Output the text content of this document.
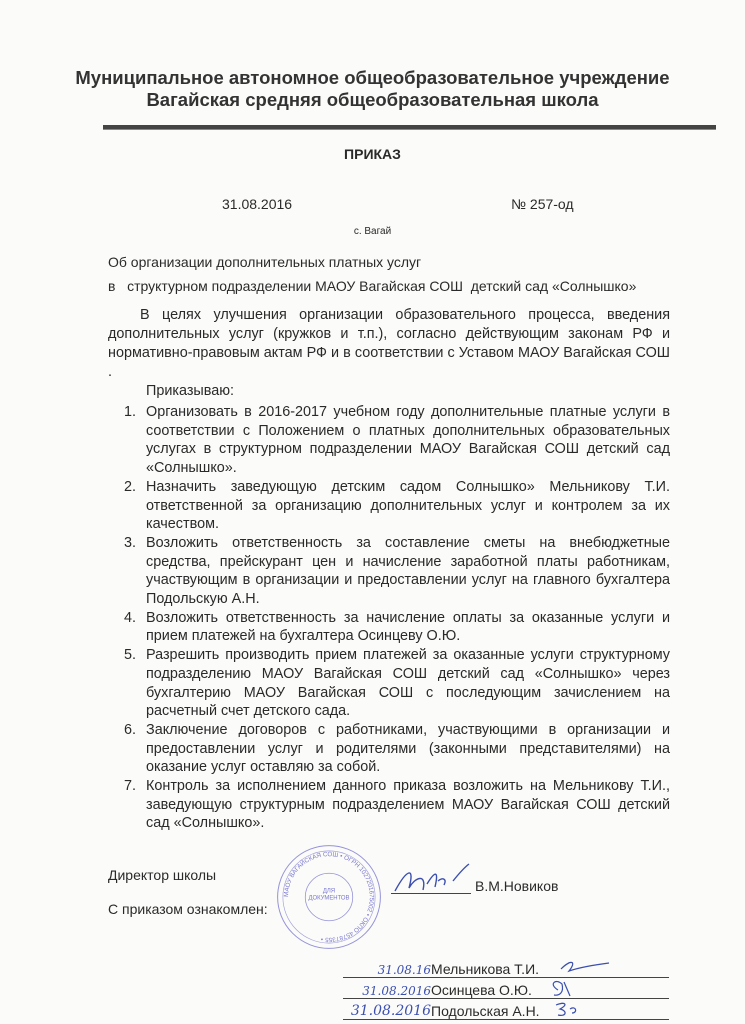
Муниципальное автономное общеобразовательное учреждение
Вагайская средняя общеобразовательная школа
ПРИКАЗ
31.08.2016	№ 257-од
с. Вагай
Об организации дополнительных платных услуг
в   структурном подразделении МАОУ Вагайская СОШ  детский сад «Солнышко»
В целях улучшения организации образовательного процесса, введения дополнительных услуг (кружков и т.п.), согласно действующим законам РФ и нормативно-правовым актам РФ и в соответствии с Уставом МАОУ Вагайская СОШ .
Приказываю:
1. Организовать в 2016-2017 учебном году дополнительные платные услуги в соответствии с Положением о платных дополнительных образовательных услугах в структурном подразделении МАОУ Вагайская СОШ детский сад «Солнышко».
2. Назначить заведующую детским садом Солнышко» Мельникову Т.И. ответственной за организацию дополнительных услуг и контролем за их качеством.
3. Возложить ответственность за составление сметы на внебюджетные средства, прейскурант цен и начисление заработной платы работникам, участвующим в организации и предоставлении услуг на главного бухгалтера Подольскую А.Н.
4. Возложить ответственность за начисление оплаты за оказанные услуги и прием платежей на бухгалтера Осинцеву О.Ю.
5. Разрешить производить прием платежей за оказанные услуги структурному подразделению МАОУ Вагайская СОШ детский сад «Солнышко» через бухгалтерию МАОУ Вагайская СОШ с последующим зачислением на расчетный счет детского сада.
6. Заключение договоров с работниками, участвующими в организации и предоставлении услуг и родителями (законными представителями) на оказание услуг оставляю за собой.
7. Контроль за исполнением данного приказа возложить на Мельникову Т.И., заведующую структурным подразделением МАОУ Вагайская СОШ детский сад «Солнышко».
Директор школы
С приказом ознакомлен:
МАОУ ВАГАЙСКАЯ СОШ • ОГРН 1027201675002 • ОКПО 45787355 •
ДЛЯ ДОКУМЕНТОВ
В.М.Новиков
31.08.16 Мельникова Т.И.
31.08.2016 Осинцева О.Ю.
31.08.2016 Подольская А.Н.
